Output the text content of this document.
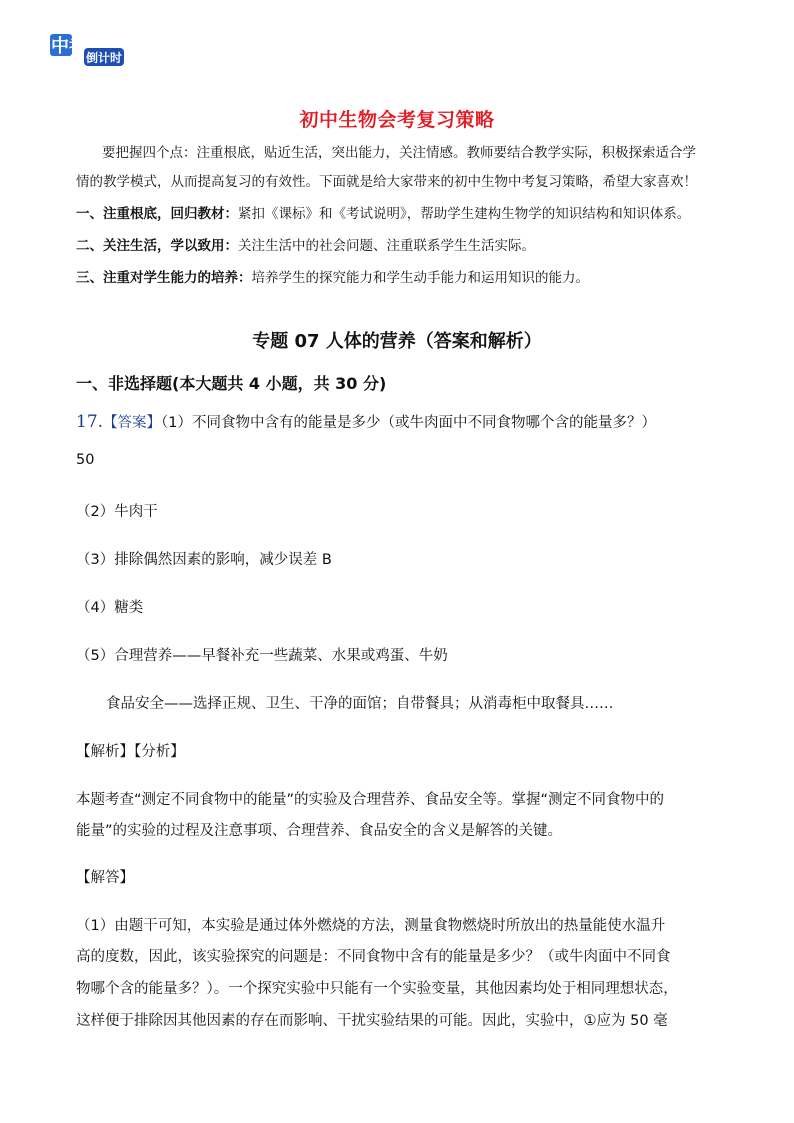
中考
倒计时
初中生物会考复习策略
要把握四个点：注重根底，贴近生活，突出能力，关注情感。教师要结合教学实际，积极探索适合学
情的教学模式，从而提高复习的有效性。下面就是给大家带来的初中生物中考复习策略，希望大家喜欢！
一、注重根底，回归教材：紧扣《课标》和《考试说明》，帮助学生建构生物学的知识结构和知识体系。
二、关注生活，学以致用：关注生活中的社会问题、注重联系学生生活实际。
三、注重对学生能力的培养：培养学生的探究能力和学生动手能力和运用知识的能力。
专题 07 人体的营养（答案和解析）
一、非选择题(本大题共 4 小题，共 30 分)
17.【答案】（1）不同食物中含有的能量是多少（或牛肉面中不同食物哪个含的能量多？）
50
（2）牛肉干
（3）排除偶然因素的影响，减少误差 B
（4）糖类
（5）合理营养——早餐补充一些蔬菜、水果或鸡蛋、牛奶
食品安全——选择正规、卫生、干净的面馆；自带餐具；从消毒柜中取餐具……
【解析】【分析】
本题考查“测定不同食物中的能量”的实验及合理营养、食品安全等。掌握“测定不同食物中的
能量”的实验的过程及注意事项、合理营养、食品安全的含义是解答的关键。
【解答】
（1）由题干可知，本实验是通过体外燃烧的方法，测量食物燃烧时所放出的热量能使水温升
高的度数，因此，该实验探究的问题是：不同食物中含有的能量是多少？（或牛肉面中不同食
物哪个含的能量多？）。一个探究实验中只能有一个实验变量，其他因素均处于相同理想状态，
这样便于排除因其他因素的存在而影响、干扰实验结果的可能。因此，实验中，①应为 50 毫
